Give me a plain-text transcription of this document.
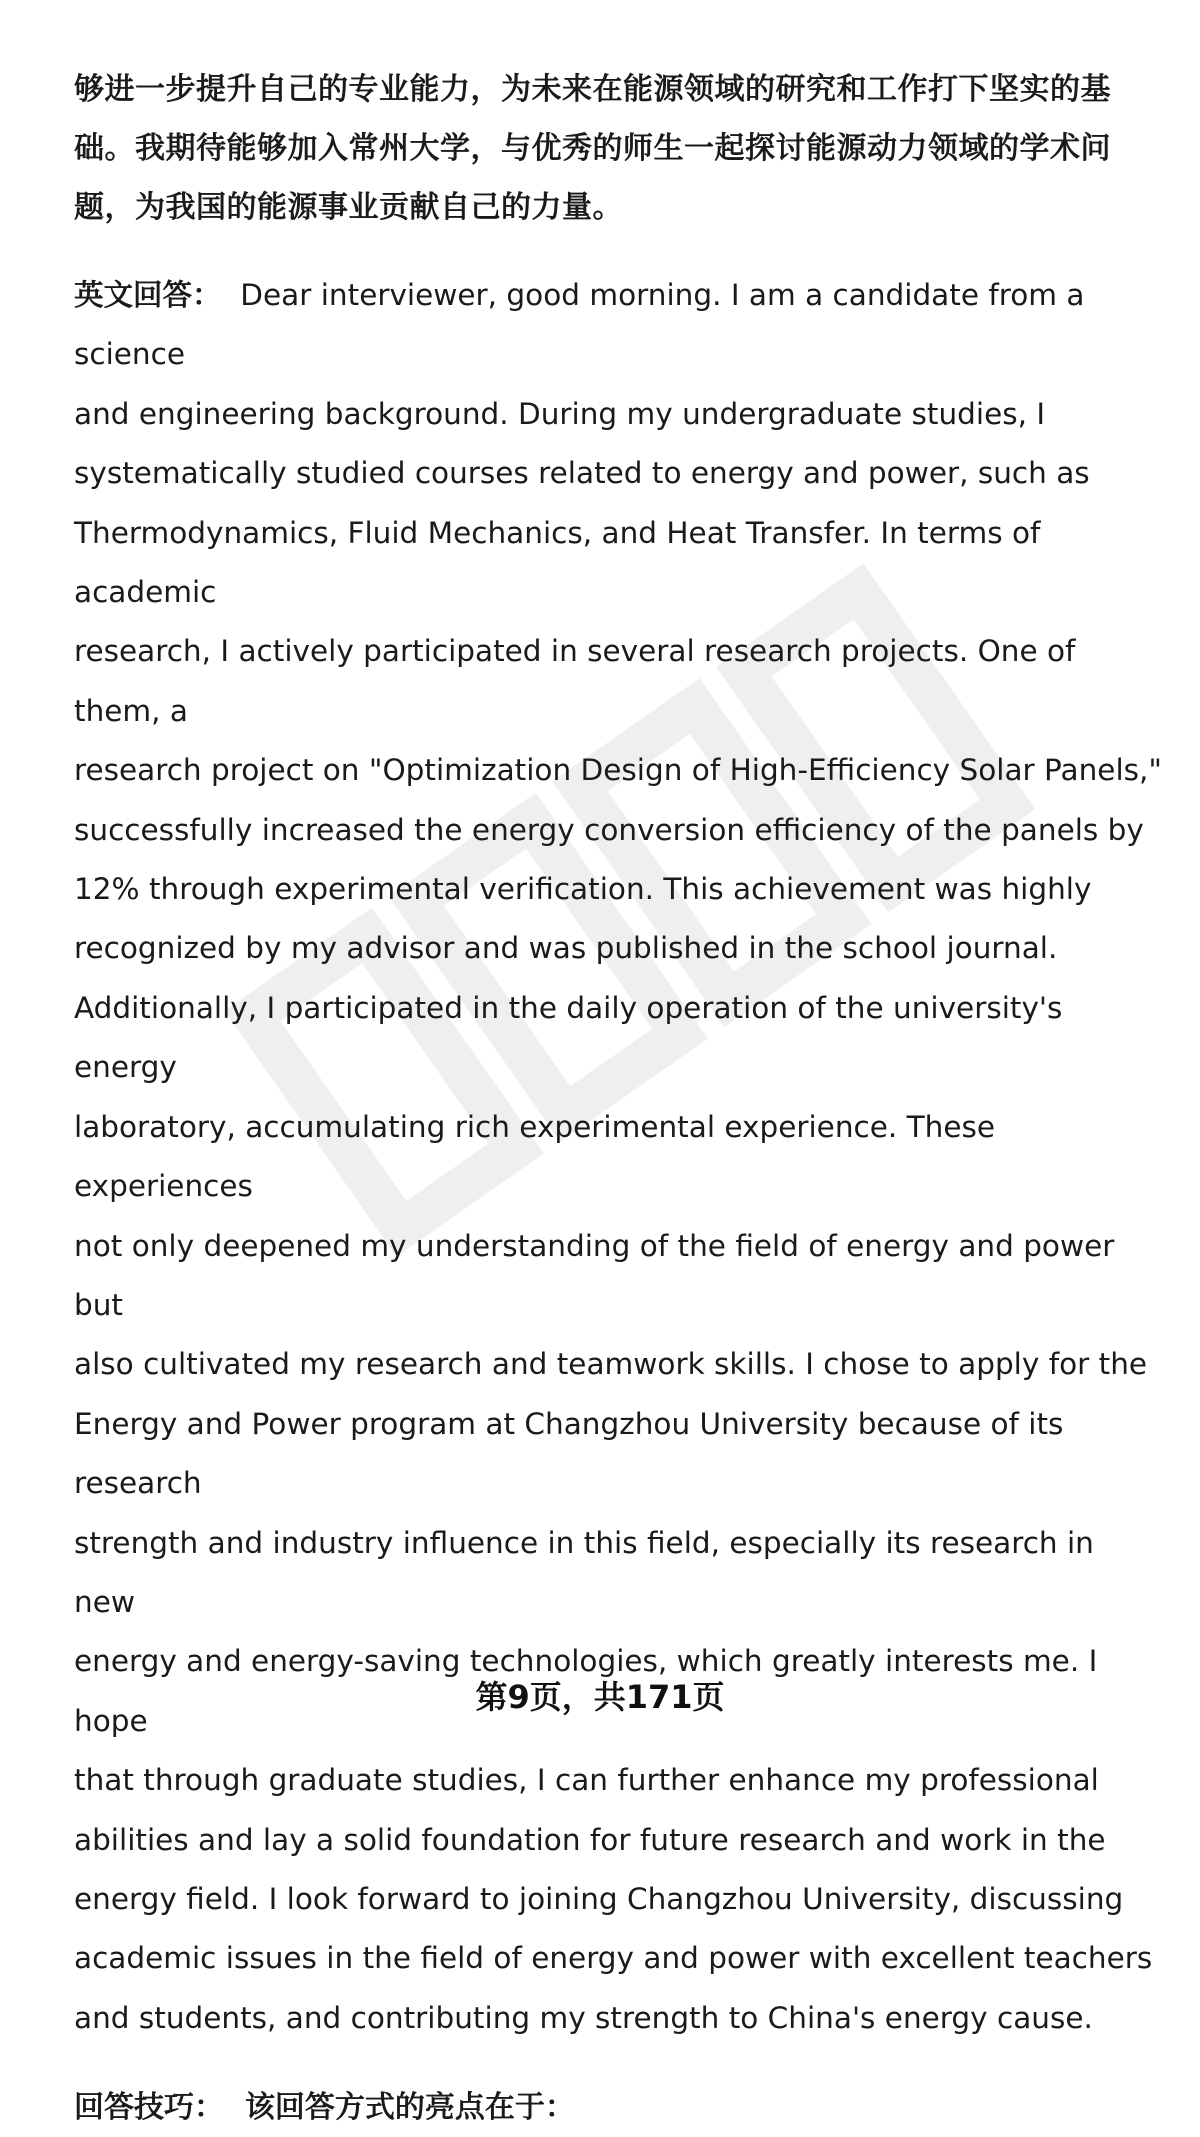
够进一步提升自己的专业能力，为未来在能源领域的研究和工作打下坚实的基础。我期待能够加入常州大学，与优秀的师生一起探讨能源动力领域的学术问题，为我国的能源事业贡献自己的力量。

英文回答： Dear interviewer, good morning. I am a candidate from a science
and engineering background. During my undergraduate studies, I
systematically studied courses related to energy and power, such as
Thermodynamics, Fluid Mechanics, and Heat Transfer. In terms of academic
research, I actively participated in several research projects. One of them, a
research project on "Optimization Design of High-Efficiency Solar Panels,"
successfully increased the energy conversion efficiency of the panels by
12% through experimental verification. This achievement was highly
recognized by my advisor and was published in the school journal.
Additionally, I participated in the daily operation of the university's energy
laboratory, accumulating rich experimental experience. These experiences
not only deepened my understanding of the field of energy and power but
also cultivated my research and teamwork skills. I chose to apply for the
Energy and Power program at Changzhou University because of its research
strength and industry influence in this field, especially its research in new
energy and energy-saving technologies, which greatly interests me. I hope
that through graduate studies, I can further enhance my professional
abilities and lay a solid foundation for future research and work in the
energy field. I look forward to joining Changzhou University, discussing
academic issues in the field of energy and power with excellent teachers
and students, and contributing my strength to China's energy cause.

回答技巧： 该回答方式的亮点在于：

第9页，共171页
